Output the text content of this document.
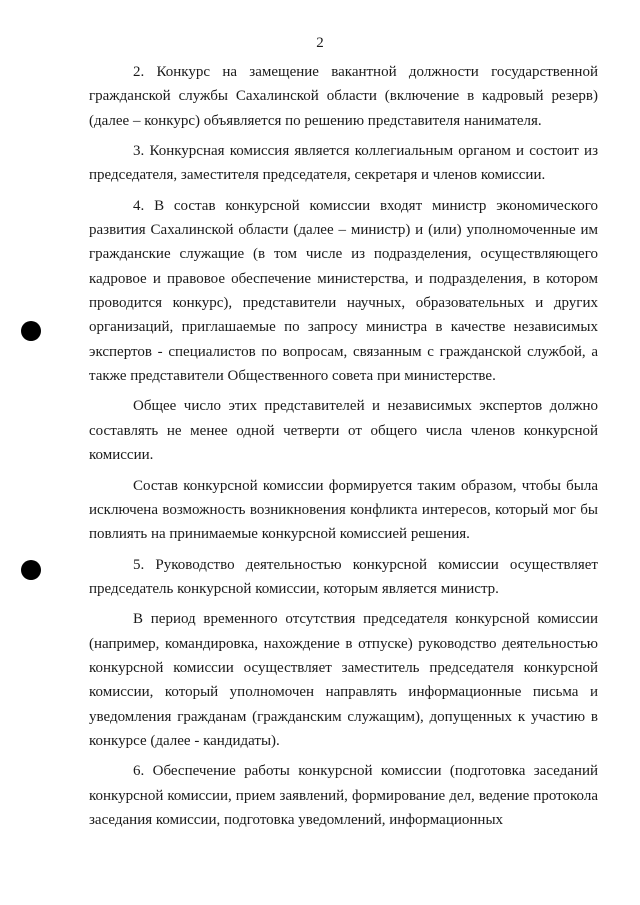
2

2. Конкурс на замещение вакантной должности государственной гражданской службы Сахалинской области (включение в кадровый резерв) (далее – конкурс) объявляется по решению представителя нанимателя.

3. Конкурсная комиссия является коллегиальным органом и состоит из председателя, заместителя председателя, секретаря и членов комиссии.

4. В состав конкурсной комиссии входят министр экономического развития Сахалинской области (далее – министр) и (или) уполномоченные им гражданские служащие (в том числе из подразделения, осуществляющего кадровое и правовое обеспечение министерства, и подразделения, в котором проводится конкурс), представители научных, образовательных и других организаций, приглашаемые по запросу министра в качестве независимых экспертов - специалистов по вопросам, связанным с гражданской службой, а также представители Общественного совета при министерстве.

Общее число этих представителей и независимых экспертов должно составлять не менее одной четверти от общего числа членов конкурсной комиссии.

Состав конкурсной комиссии формируется таким образом, чтобы была исключена возможность возникновения конфликта интересов, который мог бы повлиять на принимаемые конкурсной комиссией решения.

5. Руководство деятельностью конкурсной комиссии осуществляет председатель конкурсной комиссии, которым является министр.

В период временного отсутствия председателя конкурсной комиссии (например, командировка, нахождение в отпуске) руководство деятельностью конкурсной комиссии осуществляет заместитель председателя конкурсной комиссии, который уполномочен направлять информационные письма и уведомления гражданам (гражданским служащим), допущенных к участию в конкурсе (далее - кандидаты).

6. Обеспечение работы конкурсной комиссии (подготовка заседаний конкурсной комиссии, прием заявлений, формирование дел, ведение протокола заседания комиссии, подготовка уведомлений, информационных
